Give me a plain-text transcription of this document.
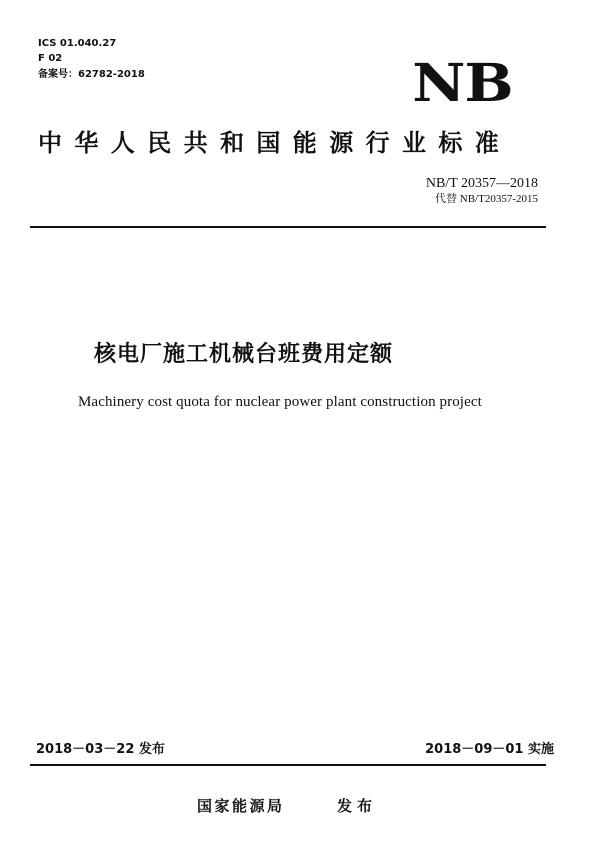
ICS 01.040.27
F 02
备案号：62782-2018	NB
中华人民共和国能源行业标准
NB/T 20357—2018
代替 NB/T20357-2015
核电厂施工机械台班费用定额
Machinery cost quota for nuclear power plant construction project
2018－03－22 发布	2018－09－01 实施
国家能源局	发布
